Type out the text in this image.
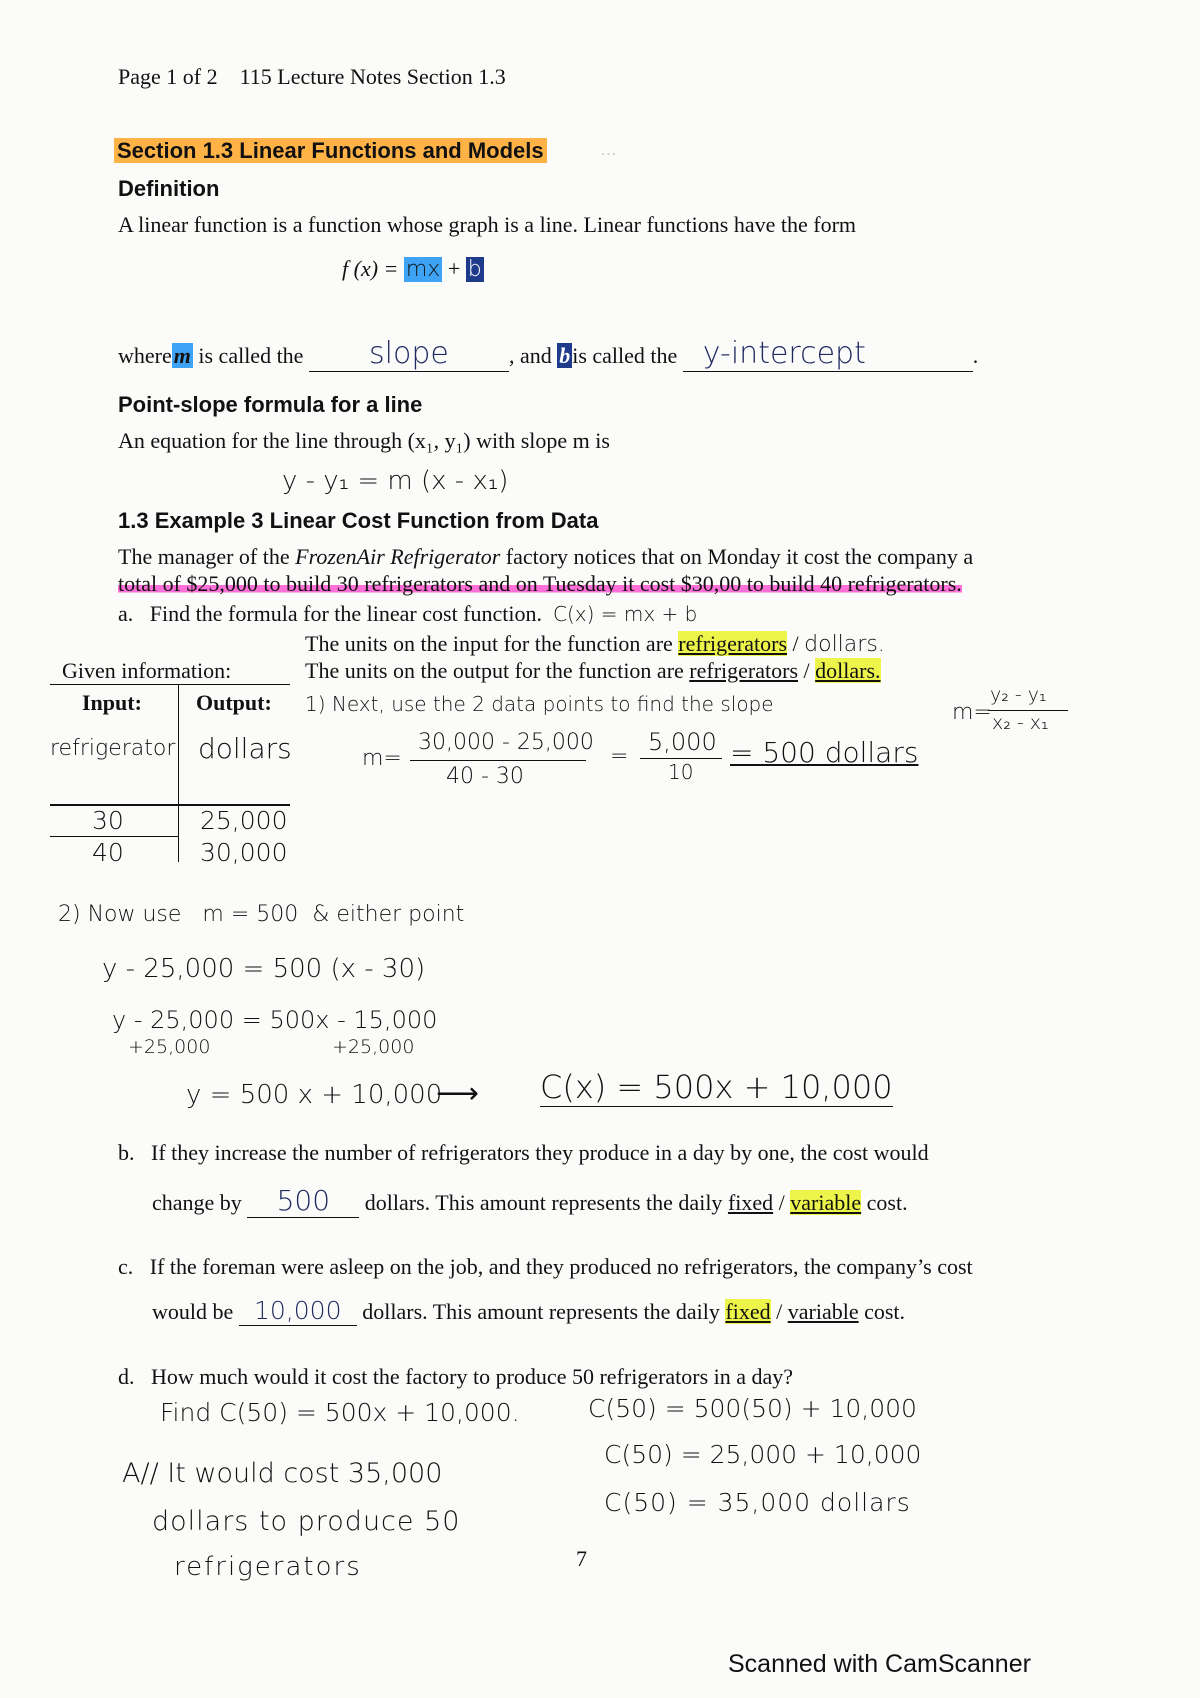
…
Page 1 of 2 115 Lecture Notes Section 1.3
Section 1.3 Linear Functions and Models
Definition
A linear function is a function whose graph is a line. Linear functions have the form
f (x) = mx + b
wherem is called the slope	, and bis called the y-intercept	.
Point-slope formula for a line
An equation for the line through (x₁, y₁) with slope m is
y - y₁ = m (x - x₁)
1.3 Example 3 Linear Cost Function from Data
The manager of the FrozenAir Refrigerator factory notices that on Monday it cost the company a
total of $25,000 to build 30 refrigerators and on Tuesday it cost $30,00 to build 40 refrigerators.
a. Find the formula for the linear cost function. C(x) = mx + b
The units on the input for the function are refrigerators / dollars.
Given information:	The units on the output for the function are refrigerators / dollars.
Input: Output:
refrigerator dollars
30	25,000
40	30,000
1) Next, use the 2 data points to find the slope	m=
y₂ - y₁
x₂ - x₁
m=
30,000 - 25,000
40 - 30
=
5,000
10
= 500 dollars
2) Now use   m = 500  & either point
y - 25,000 = 500 (x - 30)
y - 25,000 = 500x - 15,000
+25,000	+25,000
y = 500 x + 10,000
⟶ C(x) = 500x + 10,000
b. If they increase the number of refrigerators they produce in a day by one, the cost would
change by 500 dollars. This amount represents the daily fixed / variable cost.
c. If the foreman were asleep on the job, and they produced no refrigerators, the company’s cost
would be 10,000 dollars. This amount represents the daily fixed / variable cost.
d. How much would it cost the factory to produce 50 refrigerators in a day?
Find C(50) = 500x + 10,000.	C(50) = 500(50) + 10,000
C(50) = 25,000 + 10,000
C(50) = 35,000 dollars
A// It would cost 35,000
dollars to produce 50
refrigerators	7
Scanned with CamScanner
